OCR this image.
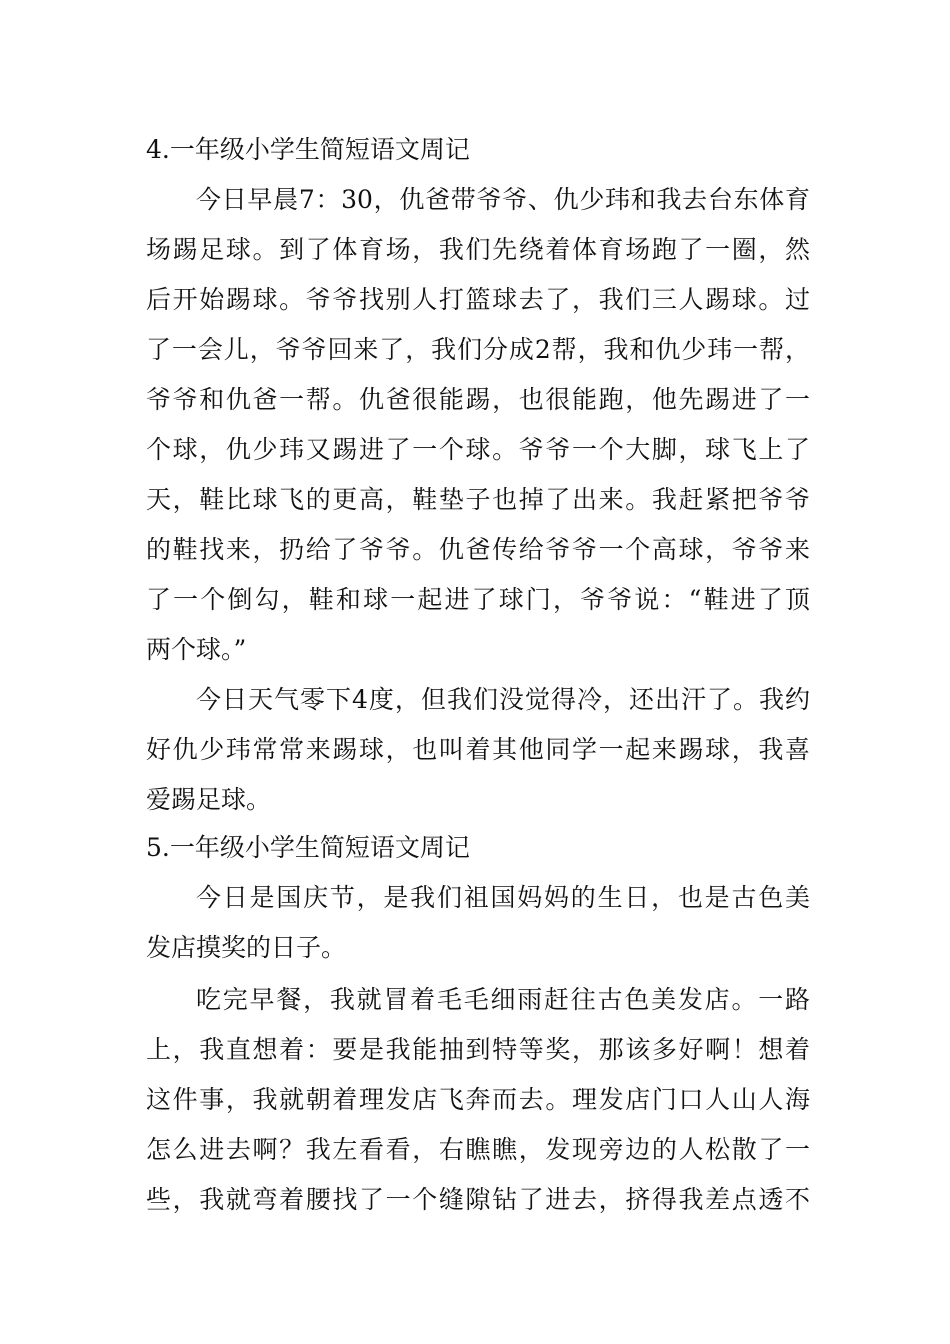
4.一年级小学生简短语文周记
今日早晨7：30，仇爸带爷爷、仇少玮和我去台东体育
场踢足球。到了体育场，我们先绕着体育场跑了一圈，然
后开始踢球。爷爷找别人打篮球去了，我们三人踢球。过
了一会儿，爷爷回来了，我们分成2帮，我和仇少玮一帮，
爷爷和仇爸一帮。仇爸很能踢，也很能跑，他先踢进了一
个球，仇少玮又踢进了一个球。爷爷一个大脚，球飞上了
天，鞋比球飞的更高，鞋垫子也掉了出来。我赶紧把爷爷
的鞋找来，扔给了爷爷。仇爸传给爷爷一个高球，爷爷来
了一个倒勾，鞋和球一起进了球门，爷爷说：“鞋进了顶
两个球。”
今日天气零下4度，但我们没觉得冷，还出汗了。我约
好仇少玮常常来踢球，也叫着其他同学一起来踢球，我喜
爱踢足球。
5.一年级小学生简短语文周记
今日是国庆节，是我们祖国妈妈的生日，也是古色美
发店摸奖的日子。
吃完早餐，我就冒着毛毛细雨赶往古色美发店。一路
上，我直想着：要是我能抽到特等奖，那该多好啊！想着
这件事，我就朝着理发店飞奔而去。理发店门口人山人海
怎么进去啊？我左看看，右瞧瞧，发现旁边的人松散了一
些，我就弯着腰找了一个缝隙钻了进去，挤得我差点透不
